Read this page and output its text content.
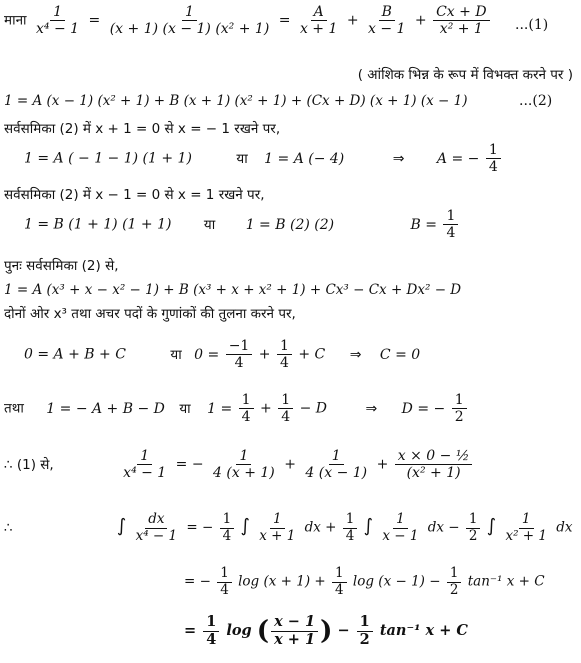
माना $\frac{1}{\text{x⁴ − 1}} = \frac{1}{\text{(x + 1) (x − 1) (x² + 1)}} = \frac{A}{x + 1} + \frac{B}{x - 1} + \frac{Cx + D}{\text{x² + 1}} ...(1)$
( आंशिक भिन्न के रूप में विभक्त करने पर )
1 = A (x − 1) (x² + 1) + B (x + 1) (x² + 1) + (Cx + D) (x + 1) (x − 1)	...(2)
सर्वसमिका (2) में x + 1 = 0 से x = − 1 रखने पर,
1 = A ( − 1 − 1) (1 + 1)	या 1 = A (− 4)	⇒ A = − $\frac{1}{4}$
सर्वसमिका (2) में x − 1 = 0 से x = 1 रखने पर,
1 = B (1 + 1) (1 + 1) या 1 = B (2) (2)	$B = \frac{1}{4}$
पुनः सर्वसमिका (2) से,
1 = A (x³ + x − x² − 1) + B (x³ + x + x² + 1) + Cx³ − Cx + Dx² − D
दोनों ओर x³ तथा अचर पदों के गुणांकों की तुलना करने पर,
0 = A + B + C	या $0 = \frac{-1}{4} + \frac{1}{4} + C$ ⇒ C = 0
तथा 1 = − A + B − D या $1 = \frac{1}{4} + \frac{1}{4} - D$	⇒ D = − $\frac{1}{2}$
∴ (1) से,	$\frac{1}{\text{x⁴ − 1}}$ = − $\frac{1}{4 (x + 1)} + \frac{1}{4 (x - 1)} + \frac{\text{x × 0 − ½}}{\text{(x² + 1)}}$
∴	∫ $\frac{dx}{\text{x⁴ − 1}}$ = − $\frac{1}{4}$ ∫ $\frac{1}{x + 1}$ dx + $\frac{1}{4}$ ∫ $\frac{1}{x - 1}$ dx − $\frac{1}{2}$ ∫ $\frac{1}{\text{x² + 1}}$ dx
= − $\frac{1}{4}$ $\log (x + 1) + \frac{1}{4}$ $\log (x - 1) - \frac{1}{2} \tan^{-1}$ x + C
= $\frac{1}{4}$ log ( $\frac{x - 1}{x + 1}$ ) − $\frac{1}{2} \tan^{-1}$ x + C
